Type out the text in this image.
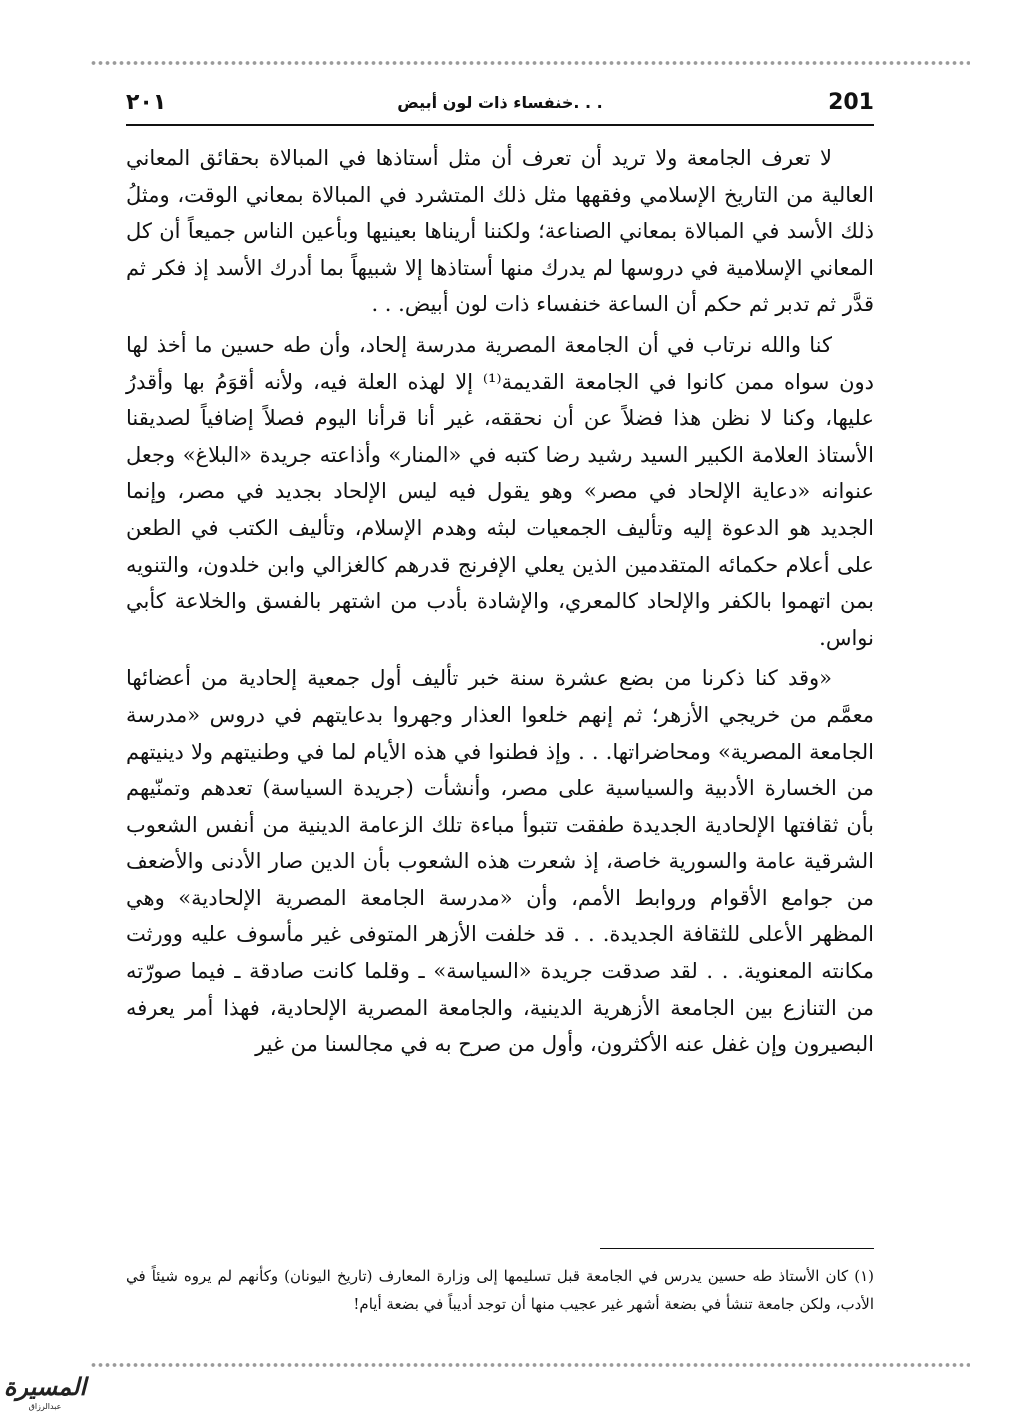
201
خنفساء ذات لون أبيض. . .
٢٠١

لا تعرف الجامعة ولا تريد أن تعرف أن مثل أستاذها في المبالاة بحقائق المعاني العالية من التاريخ الإسلامي وفقهها مثل ذلك المتشرد في المبالاة بمعاني الوقت، ومثلُ ذلك الأسد في المبالاة بمعاني الصناعة؛ ولكننا أريناها بعينيها وبأعين الناس جميعاً أن كل المعاني الإسلامية في دروسها لم يدرك منها أستاذها إلا شبيهاً بما أدرك الأسد إذ فكر ثم قدَّر ثم تدبر ثم حكم أن الساعة خنفساء ذات لون أبيض. . .

كنا والله نرتاب في أن الجامعة المصرية مدرسة إلحاد، وأن طه حسين ما أخذ لها دون سواه ممن كانوا في الجامعة القديمة⁽¹⁾ إلا لهذه العلة فيه، ولأنه أقوَمُ بها وأقدرُ عليها، وكنا لا نظن هذا فضلاً عن أن نحققه، غير أنا قرأنا اليوم فصلاً إضافياً لصديقنا الأستاذ العلامة الكبير السيد رشيد رضا كتبه في «المنار» وأذاعته جريدة «البلاغ» وجعل عنوانه «دعاية الإلحاد في مصر» وهو يقول فيه ليس الإلحاد بجديد في مصر، وإنما الجديد هو الدعوة إليه وتأليف الجمعيات لبثه وهدم الإسلام، وتأليف الكتب في الطعن على أعلام حكمائه المتقدمين الذين يعلي الإفرنج قدرهم كالغزالي وابن خلدون، والتنويه بمن اتهموا بالكفر والإلحاد كالمعري، والإشادة بأدب من اشتهر بالفسق والخلاعة كأبي نواس.

«وقد كنا ذكرنا من بضع عشرة سنة خبر تأليف أول جمعية إلحادية من أعضائها معمَّم من خريجي الأزهر؛ ثم إنهم خلعوا العذار وجهروا بدعايتهم في دروس «مدرسة الجامعة المصرية» ومحاضراتها. . . وإذ فطنوا في هذه الأيام لما في وطنيتهم ولا دينيتهم من الخسارة الأدبية والسياسية على مصر، وأنشأت (جريدة السياسة) تعدهم وتمنّيهم بأن ثقافتها الإلحادية الجديدة طفقت تتبوأ مباءة تلك الزعامة الدينية من أنفس الشعوب الشرقية عامة والسورية خاصة، إذ شعرت هذه الشعوب بأن الدين صار الأدنى والأضعف من جوامع الأقوام وروابط الأمم، وأن «مدرسة الجامعة المصرية الإلحادية» وهي المظهر الأعلى للثقافة الجديدة. . . قد خلفت الأزهر المتوفى غير مأسوف عليه وورثت مكانته المعنوية. . . لقد صدقت جريدة «السياسة» ـ وقلما كانت صادقة ـ فيما صورّته من التنازع بين الجامعة الأزهرية الدينية، والجامعة المصرية الإلحادية، فهذا أمر يعرفه البصيرون وإن غفل عنه الأكثرون، وأول من صرح به في مجالسنا من غير

(١) كان الأستاذ طه حسين يدرس في الجامعة قبل تسليمها إلى وزارة المعارف (تاريخ اليونان) وكأنهم لم يروه شيئاً في الأدب، ولكن جامعة تنشأ في بضعة أشهر غير عجيب منها أن توجد أديباً في بضعة أيام!

المسيرة
عبدالرزاق
